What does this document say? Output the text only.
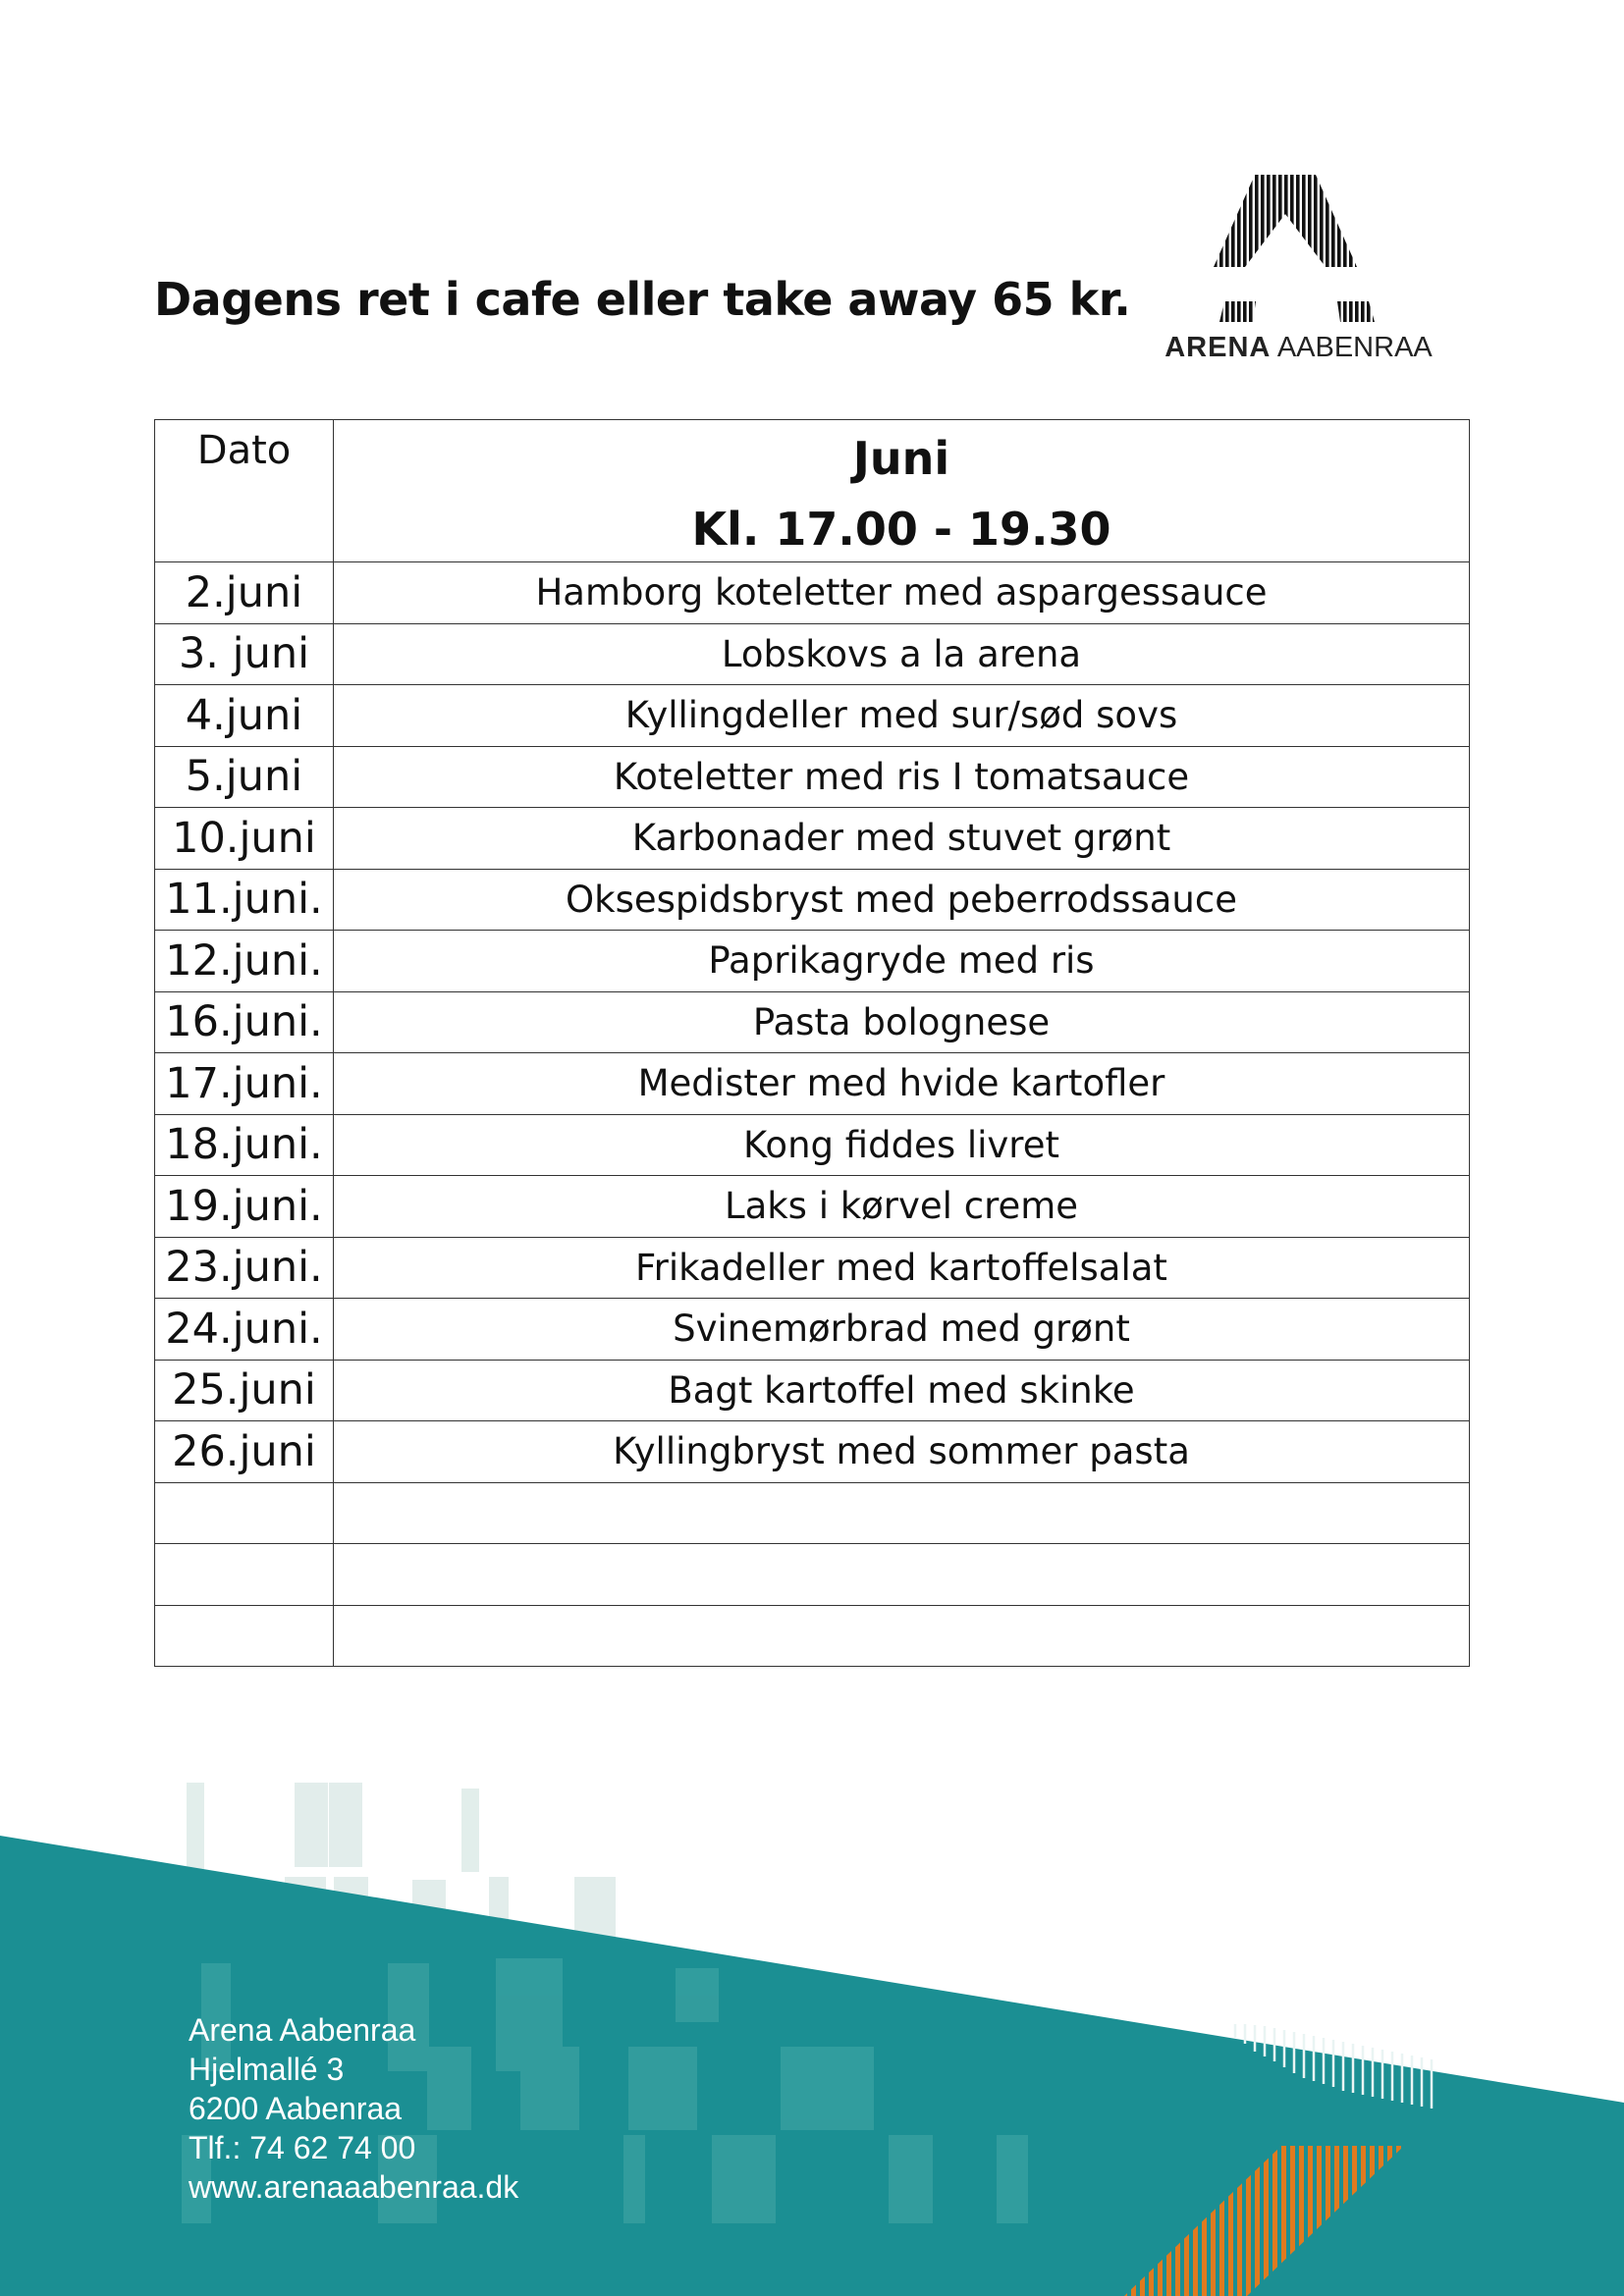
Dagens ret i cafe eller take away 65 kr.
ARENA AABENRAA
Dato	Juni
Kl. 17.00 - 19.30

2.juni	Hamborg koteletter med aspargessauce
3. juni	Lobskovs a la arena
4.juni	Kyllingdeller med sur/sød sovs
5.juni	Koteletter med ris I tomatsauce
10.juni	Karbonader med stuvet grønt
11.juni.	Oksespidsbryst med peberrodssauce
12.juni.	Paprikagryde med ris
16.juni.	Pasta bolognese
17.juni.	Medister med hvide kartofler
18.juni.	Kong fiddes livret
19.juni.	Laks i kørvel creme
23.juni.	Frikadeller med kartoffelsalat
24.juni.	Svinemørbrad med grønt
25.juni	Bagt kartoffel med skinke
26.juni	Kyllingbryst med sommer pasta

Arena Aabenraa
Hjelmallé 3
6200 Aabenraa
Tlf.: 74 62 74 00
www.arenaaabenraa.dk
